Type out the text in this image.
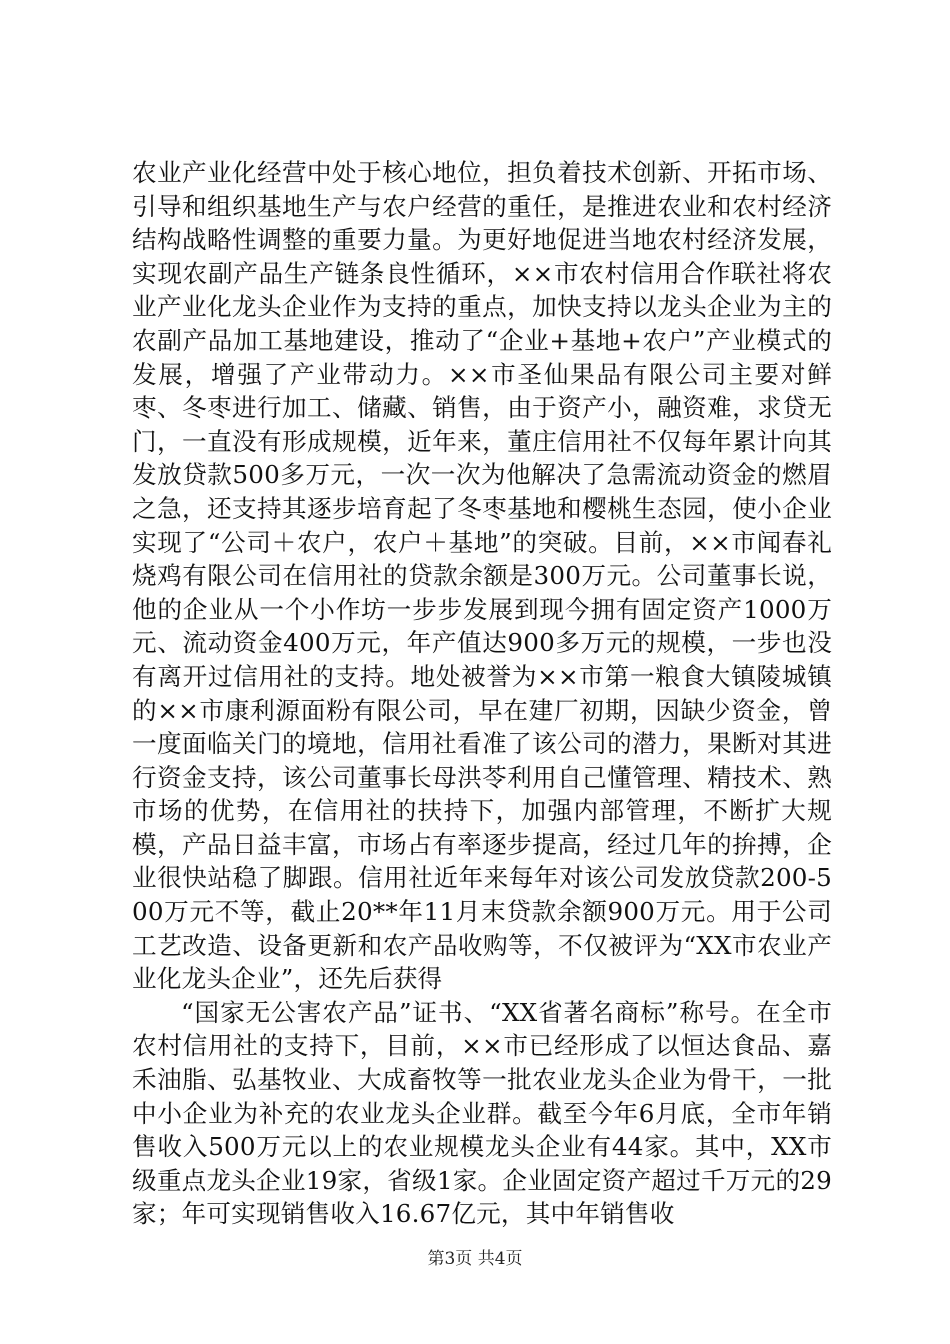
农业产业化经营中处于核心地位，担负着技术创新、开拓市场、引导和组织基地生产与农户经营的重任，是推进农业和农村经济结构战略性调整的重要力量。为更好地促进当地农村经济发展，实现农副产品生产链条良性循环，××市农村信用合作联社将农业产业化龙头企业作为支持的重点，加快支持以龙头企业为主的农副产品加工基地建设，推动了“企业+基地+农户”产业模式的发展，增强了产业带动力。××市圣仙果品有限公司主要对鲜枣、冬枣进行加工、储藏、销售，由于资产小，融资难，求贷无门，一直没有形成规模，近年来，董庄信用社不仅每年累计向其发放贷款500多万元，一次一次为他解决了急需流动资金的燃眉之急，还支持其逐步培育起了冬枣基地和樱桃生态园，使小企业实现了“公司＋农户，农户＋基地”的突破。目前，××市闻春礼烧鸡有限公司在信用社的贷款余额是300万元。公司董事长说，他的企业从一个小作坊一步步发展到现今拥有固定资产1000万元、流动资金400万元，年产值达900多万元的规模，一步也没有离开过信用社的支持。地处被誉为××市第一粮食大镇陵城镇的××市康利源面粉有限公司，早在建厂初期，因缺少资金，曾一度面临关门的境地，信用社看准了该公司的潜力，果断对其进行资金支持，该公司董事长母洪苓利用自己懂管理、精技术、熟市场的优势，在信用社的扶持下，加强内部管理，不断扩大规模，产品日益丰富，市场占有率逐步提高，经过几年的拚搏，企业很快站稳了脚跟。信用社近年来每年对该公司发放贷款200-500万元不等，截止20**年11月末贷款余额900万元。用于公司工艺改造、设备更新和农产品收购等，不仅被评为“XX市农业产业化龙头企业”，还先后获得

“国家无公害农产品”证书、“XX省著名商标”称号。在全市农村信用社的支持下，目前，××市已经形成了以恒达食品、嘉禾油脂、弘基牧业、大成畜牧等一批农业龙头企业为骨干，一批中小企业为补充的农业龙头企业群。截至今年6月底，全市年销售收入500万元以上的农业规模龙头企业有44家。其中，XX市级重点龙头企业19家，省级1家。企业固定资产超过千万元的29家；年可实现销售收入16.67亿元，其中年销售收

第3页 共4页
